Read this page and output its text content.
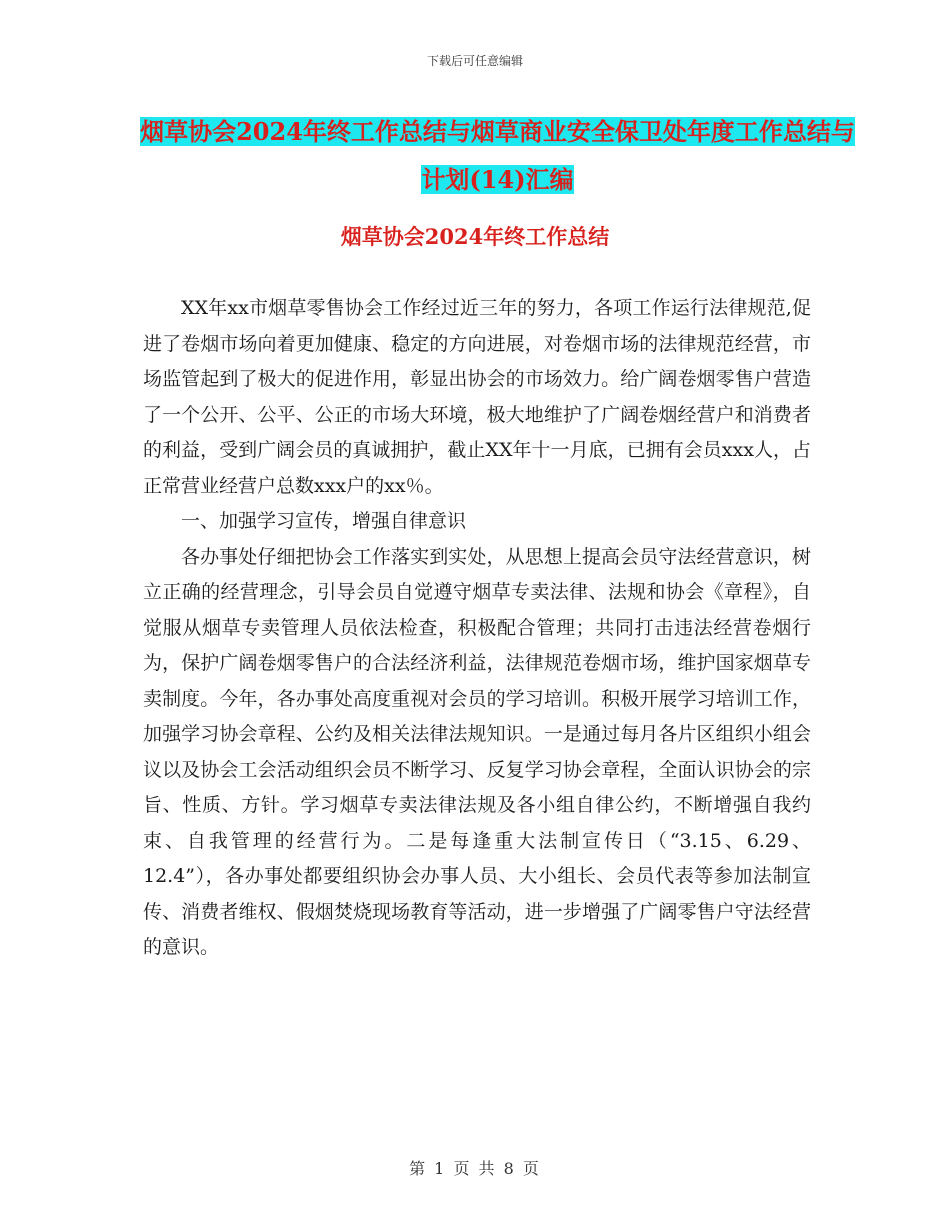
下载后可任意编辑
烟草协会2024年终工作总结与烟草商业安全保卫处年度工作总结与计划(14)汇编
烟草协会2024年终工作总结

XX年xx市烟草零售协会工作经过近三年的努力，各项工作运行法律规范,促进了卷烟市场向着更加健康、稳定的方向进展，对卷烟市场的法律规范经营，市场监管起到了极大的促进作用，彰显出协会的市场效力。给广阔卷烟零售户营造了一个公开、公平、公正的市场大环境，极大地维护了广阔卷烟经营户和消费者的利益，受到广阔会员的真诚拥护，截止XX年十一月底，已拥有会员xxx人，占正常营业经营户总数xxx户的xx％。

一、加强学习宣传，增强自律意识

各办事处仔细把协会工作落实到实处，从思想上提高会员守法经营意识，树立正确的经营理念，引导会员自觉遵守烟草专卖法律、法规和协会《章程》，自觉服从烟草专卖管理人员依法检查，积极配合管理；共同打击违法经营卷烟行为，保护广阔卷烟零售户的合法经济利益，法律规范卷烟市场，维护国家烟草专卖制度。今年，各办事处高度重视对会员的学习培训。积极开展学习培训工作，加强学习协会章程、公约及相关法律法规知识。一是通过每月各片区组织小组会议以及协会工会活动组织会员不断学习、反复学习协会章程，全面认识协会的宗旨、性质、方针。学习烟草专卖法律法规及各小组自律公约，不断增强自我约束、自我管理的经营行为。二是每逢重大法制宣传日（“3.15、6.29、12.4”），各办事处都要组织协会办事人员、大小组长、会员代表等参加法制宣传、消费者维权、假烟焚烧现场教育等活动，进一步增强了广阔零售户守法经营的意识。

第 1 页 共 8 页
